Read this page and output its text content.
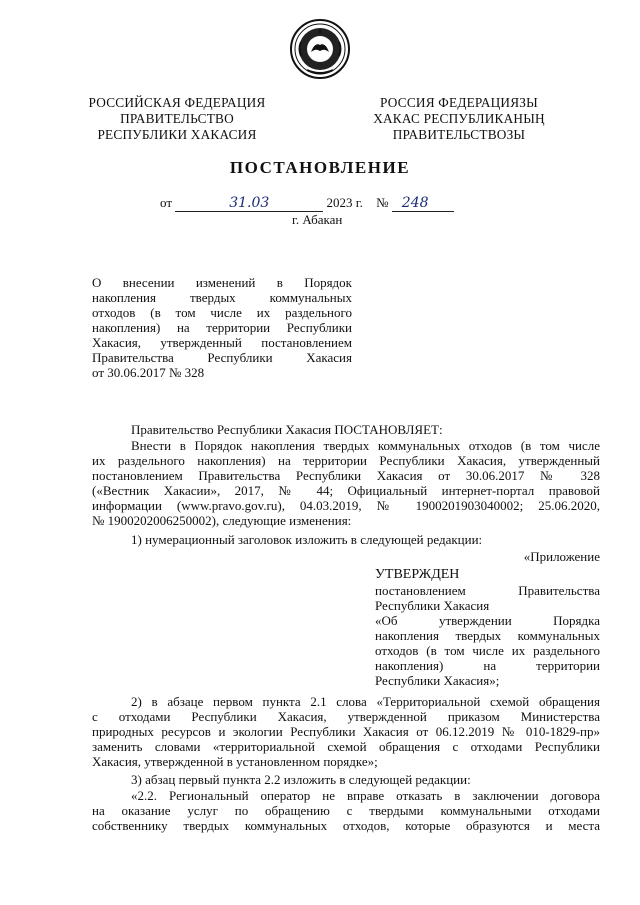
РОССИЙСКАЯ ФЕДЕРАЦИЯ
ПРАВИТЕЛЬСТВО
РЕСПУБЛИКИ ХАКАСИЯ
РОССИЯ ФЕДЕРАЦИЯЗЫ
ХАКАС РЕСПУБЛИКАНЫҢ
ПРАВИТЕЛЬСТВОЗЫ
ПОСТАНОВЛЕНИЕ
от	31.03	2023 г. № 248
г. Абакан
О внесении изменений в Порядок
накопления твердых коммунальных
отходов (в том числе их раздельного
накопления) на территории Республики
Хакасия, утвержденный постановлением
Правительства Республики Хакасия
от 30.06.2017 № 328
Правительство Республики Хакасия ПОСТАНОВЛЯЕТ:
Внести в Порядок накопления твердых коммунальных отходов (в том числе
их раздельного накопления) на территории Республики Хакасия, утвержденный
постановлением Правительства Республики Хакасия от 30.06.2017 № 328
(«Вестник Хакасии», 2017, № 44; Официальный интернет-портал правовой
информации (www.pravo.gov.ru), 04.03.2019, № 1900201903040002; 25.06.2020,
№ 1900202006250002), следующие изменения:
1) нумерационный заголовок изложить в следующей редакции:
«Приложение
УТВЕРЖДЕН
постановлением Правительства
Республики Хакасия
«Об утверждении Порядка
накопления твердых коммунальных
отходов (в том числе их раздельного
накопления) на территории
Республики Хакасия»;
2) в абзаце первом пункта 2.1 слова «Территориальной схемой обращения
с отходами Республики Хакасия, утвержденной приказом Министерства
природных ресурсов и экологии Республики Хакасия от 06.12.2019 № 010-1829-пр»
заменить словами «территориальной схемой обращения с отходами Республики
Хакасия, утвержденной в установленном порядке»;
3) абзац первый пункта 2.2 изложить в следующей редакции:
«2.2. Региональный оператор не вправе отказать в заключении договора
на оказание услуг по обращению с твердыми коммунальными отходами
собственнику твердых коммунальных отходов, которые образуются и места
